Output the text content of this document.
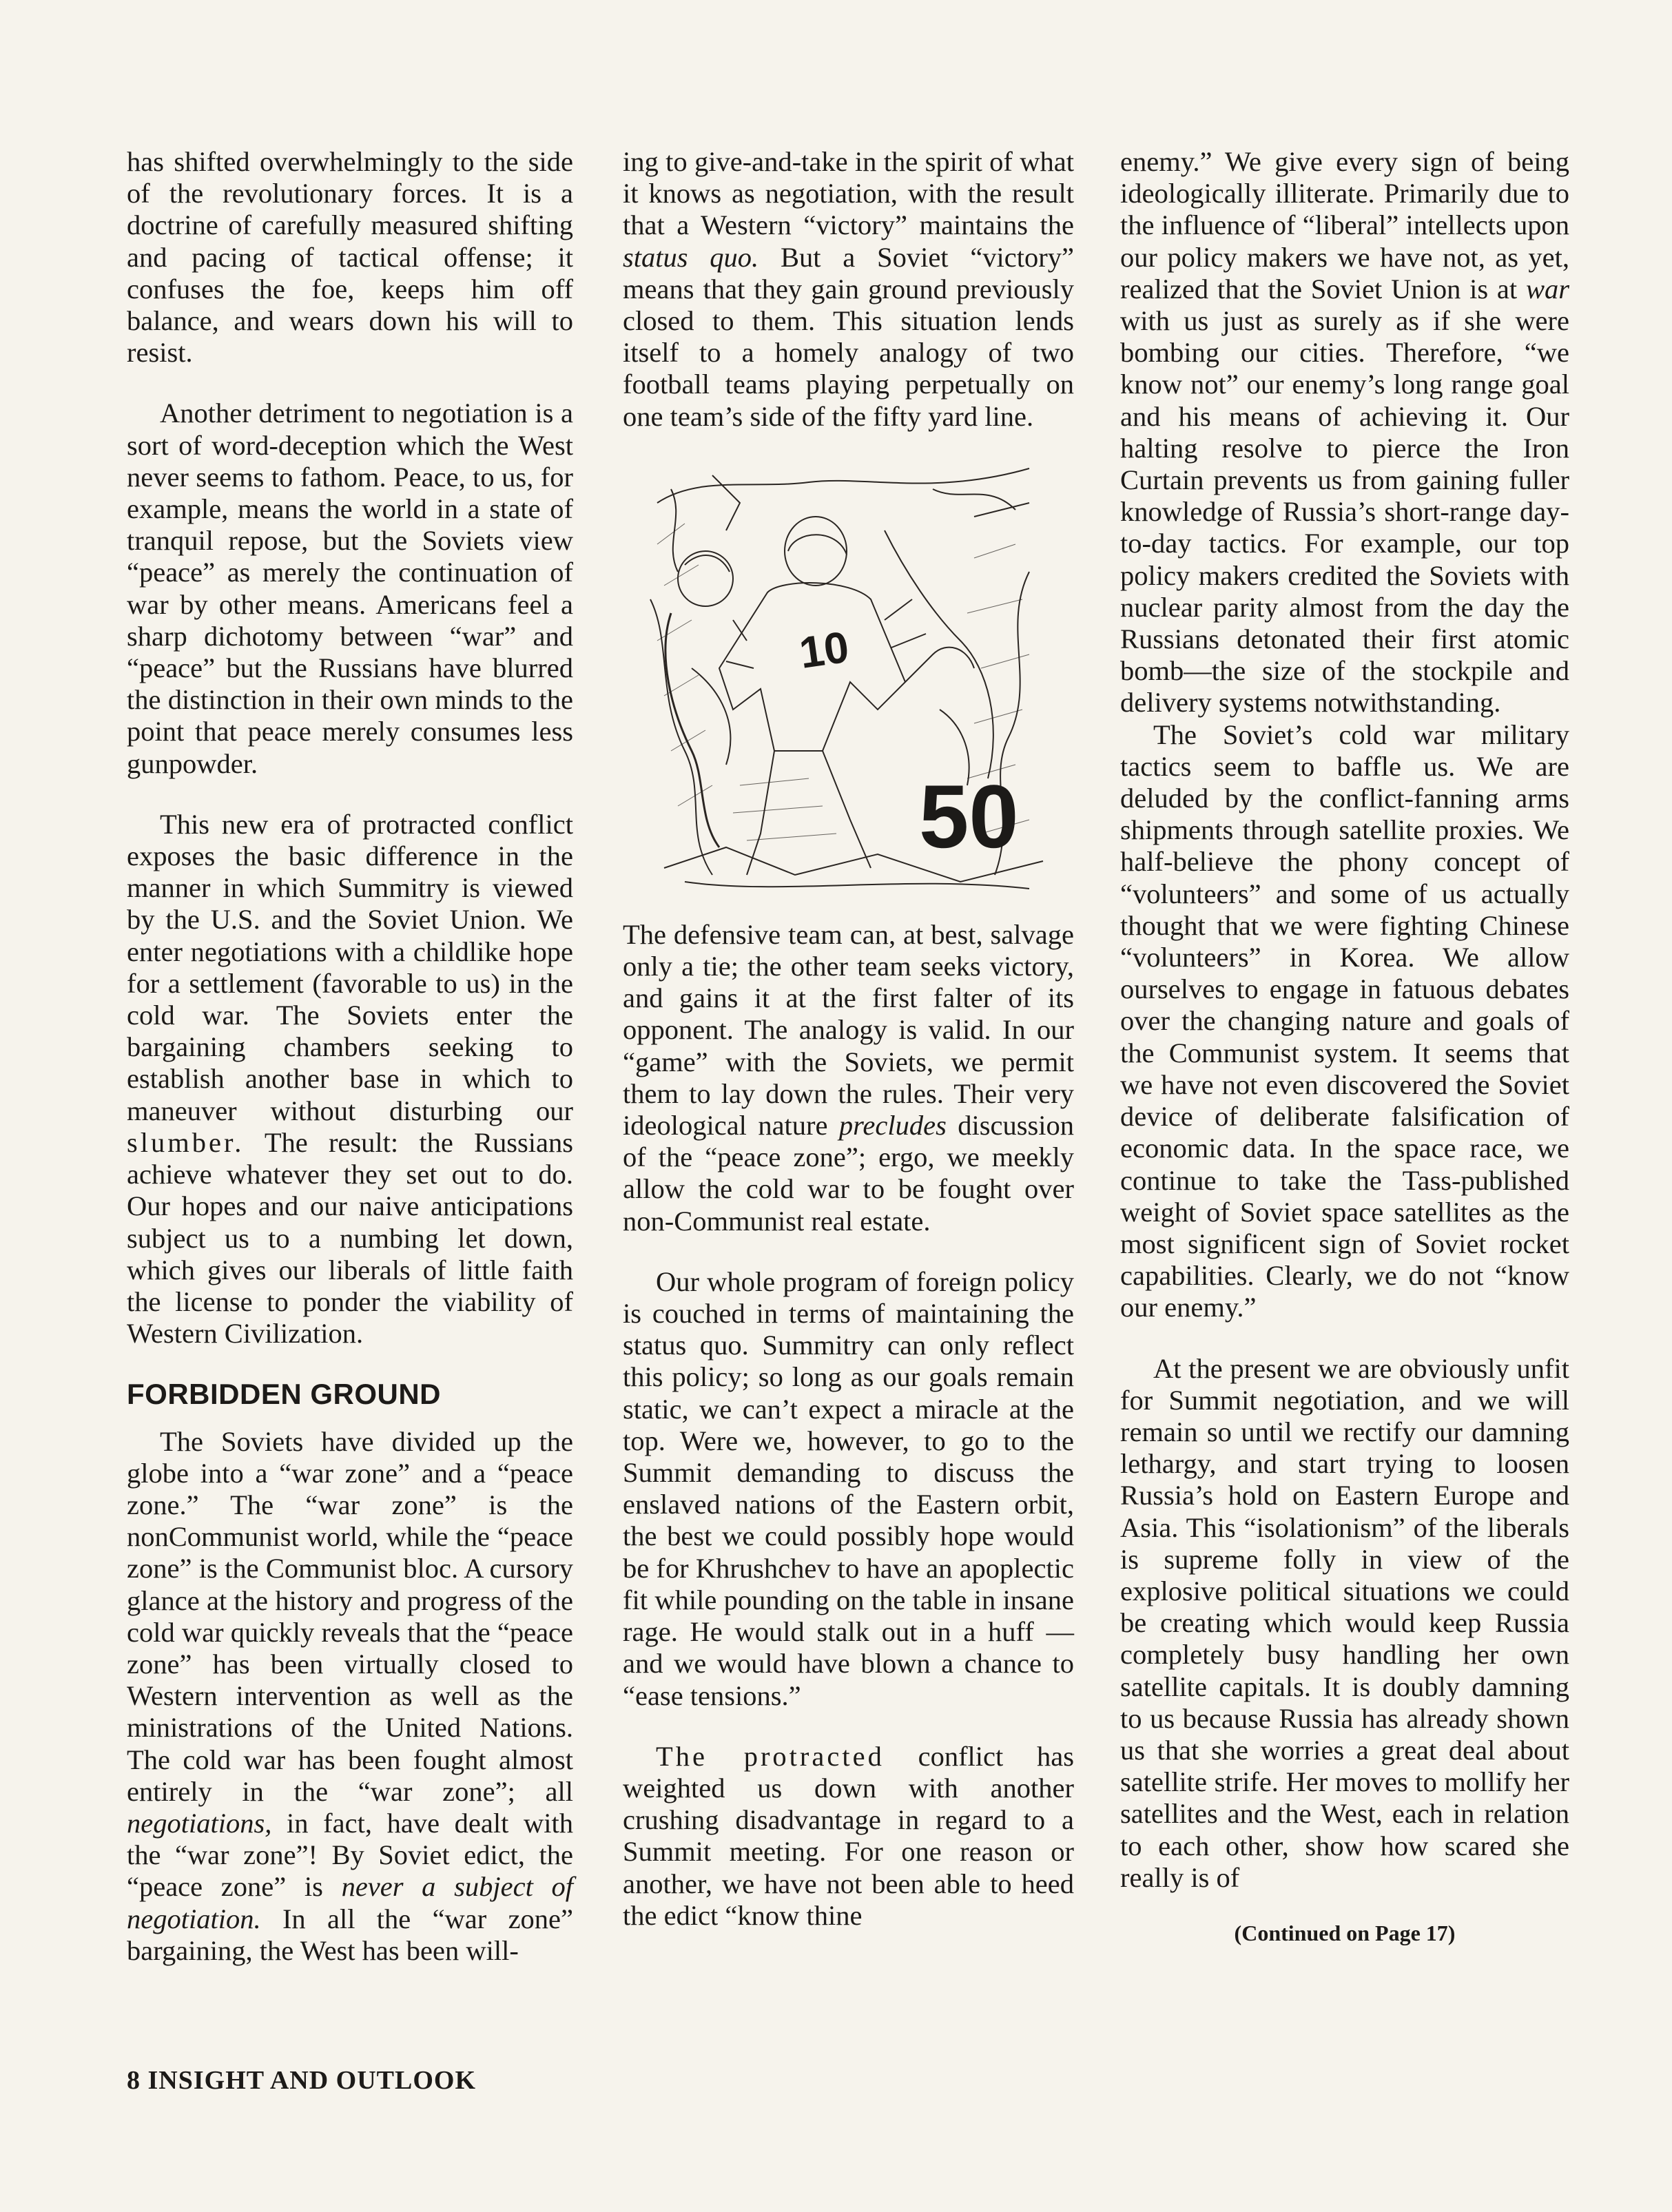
has shifted overwhelmingly to the side of the revolutionary forces. It is a doctrine of carefully measured shifting and pacing of tactical offense; it confuses the foe, keeps him off balance, and wears down his will to resist.

Another detriment to negotiation is a sort of word-deception which the West never seems to fathom. Peace, to us, for example, means the world in a state of tranquil repose, but the Soviets view “peace” as merely the continuation of war by other means. Americans feel a sharp dichotomy between “war” and “peace” but the Russians have blurred the distinction in their own minds to the point that peace merely consumes less gunpowder.

This new era of protracted conflict exposes the basic difference in the manner in which Summitry is viewed by the U.S. and the Soviet Union. We enter negotiations with a childlike hope for a settlement (favorable to us) in the cold war. The Soviets enter the bargaining chambers seeking to establish another base in which to maneuver without disturbing our slumber. The result: the Russians achieve whatever they set out to do. Our hopes and our naive anticipations subject us to a numbing let down, which gives our liberals of little faith the license to ponder the viability of Western Civilization.

FORBIDDEN GROUND

The Soviets have divided up the globe into a “war zone” and a “peace zone.” The “war zone” is the nonCommunist world, while the “peace zone” is the Communist bloc. A cursory glance at the history and progress of the cold war quickly reveals that the “peace zone” has been virtually closed to Western intervention as well as the ministrations of the United Nations. The cold war has been fought almost entirely in the “war zone”; all negotiations, in fact, have dealt with the “war zone”! By Soviet edict, the “peace zone” is never a subject of negotiation. In all the “war zone” bargaining, the West has been will-

ing to give-and-take in the spirit of what it knows as negotiation, with the result that a Western “victory” maintains the status quo. But a Soviet “victory” means that they gain ground previously closed to them. This situation lends itself to a homely analogy of two football teams playing perpetually on one team’s side of the fifty yard line.

10
50

The defensive team can, at best, salvage only a tie; the other team seeks victory, and gains it at the first falter of its opponent. The analogy is valid. In our “game” with the Soviets, we permit them to lay down the rules. Their very ideological nature precludes discussion of the “peace zone”; ergo, we meekly allow the cold war to be fought over non-Communist real estate.

Our whole program of foreign policy is couched in terms of maintaining the status quo. Summitry can only reflect this policy; so long as our goals remain static, we can’t expect a miracle at the top. Were we, however, to go to the Summit demanding to discuss the enslaved nations of the Eastern orbit, the best we could possibly hope would be for Khrushchev to have an apoplectic fit while pounding on the table in insane rage. He would stalk out in a huff — and we would have blown a chance to “ease tensions.”

The protracted conflict has weighted us down with another crushing disadvantage in regard to a Summit meeting. For one reason or another, we have not been able to heed the edict “know thine

enemy.” We give every sign of being ideologically illiterate. Primarily due to the influence of “liberal” intellects upon our policy makers we have not, as yet, realized that the Soviet Union is at war with us just as surely as if she were bombing our cities. Therefore, “we know not” our enemy’s long range goal and his means of achieving it. Our halting resolve to pierce the Iron Curtain prevents us from gaining fuller knowledge of Russia’s short-range day-to-day tactics. For example, our top policy makers credited the Soviets with nuclear parity almost from the day the Russians detonated their first atomic bomb—the size of the stockpile and delivery systems notwithstanding.

The Soviet’s cold war military tactics seem to baffle us. We are deluded by the conflict-fanning arms shipments through satellite proxies. We half-believe the phony concept of “volunteers” and some of us actually thought that we were fighting Chinese “volunteers” in Korea. We allow ourselves to engage in fatuous debates over the changing nature and goals of the Communist system. It seems that we have not even discovered the Soviet device of deliberate falsification of economic data. In the space race, we continue to take the Tass-published weight of Soviet space satellites as the most significent sign of Soviet rocket capabilities. Clearly, we do not “know our enemy.”

At the present we are obviously unfit for Summit negotiation, and we will remain so until we rectify our damning lethargy, and start trying to loosen Russia’s hold on Eastern Europe and Asia. This “isolationism” of the liberals is supreme folly in view of the explosive political situations we could be creating which would keep Russia completely busy handling her own satellite capitals. It is doubly damning to us because Russia has already shown us that she worries a great deal about satellite strife. Her moves to mollify her satellites and the West, each in relation to each other, show how scared she really is of

(Continued on Page 17)
8 INSIGHT AND OUTLOOK
